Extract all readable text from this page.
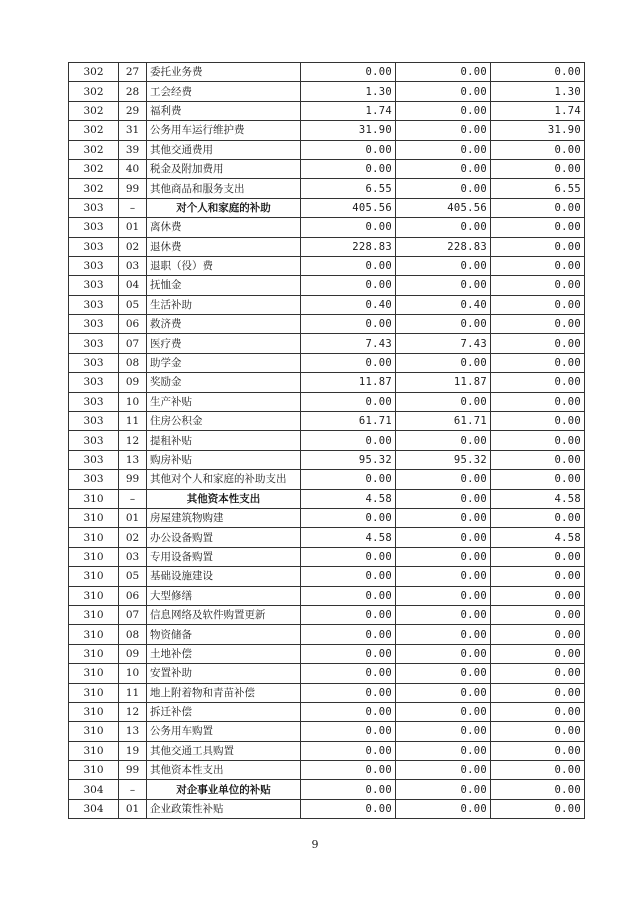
302	27	委托业务费	0.00	0.00	0.00
302	28	工会经费	1.30	0.00	1.30
302	29	福利费	1.74	0.00	1.74
302	31	公务用车运行维护费	31.90	0.00	31.90
302	39	其他交通费用	0.00	0.00	0.00
302	40	税金及附加费用	0.00	0.00	0.00
302	99	其他商品和服务支出	6.55	0.00	6.55
303	–	对个人和家庭的补助	405.56	405.56	0.00
303	01	离休费	0.00	0.00	0.00
303	02	退休费	228.83	228.83	0.00
303	03	退职（役）费	0.00	0.00	0.00
303	04	抚恤金	0.00	0.00	0.00
303	05	生活补助	0.40	0.40	0.00
303	06	救济费	0.00	0.00	0.00
303	07	医疗费	7.43	7.43	0.00
303	08	助学金	0.00	0.00	0.00
303	09	奖励金	11.87	11.87	0.00
303	10	生产补贴	0.00	0.00	0.00
303	11	住房公积金	61.71	61.71	0.00
303	12	提租补贴	0.00	0.00	0.00
303	13	购房补贴	95.32	95.32	0.00
303	99	其他对个人和家庭的补助支出	0.00	0.00	0.00
310	–	其他资本性支出	4.58	0.00	4.58
310	01	房屋建筑物购建	0.00	0.00	0.00
310	02	办公设备购置	4.58	0.00	4.58
310	03	专用设备购置	0.00	0.00	0.00
310	05	基础设施建设	0.00	0.00	0.00
310	06	大型修缮	0.00	0.00	0.00
310	07	信息网络及软件购置更新	0.00	0.00	0.00
310	08	物资储备	0.00	0.00	0.00
310	09	土地补偿	0.00	0.00	0.00
310	10	安置补助	0.00	0.00	0.00
310	11	地上附着物和青苗补偿	0.00	0.00	0.00
310	12	拆迁补偿	0.00	0.00	0.00
310	13	公务用车购置	0.00	0.00	0.00
310	19	其他交通工具购置	0.00	0.00	0.00
310	99	其他资本性支出	0.00	0.00	0.00
304	–	对企事业单位的补贴	0.00	0.00	0.00
304	01	企业政策性补贴	0.00	0.00	0.00
9
